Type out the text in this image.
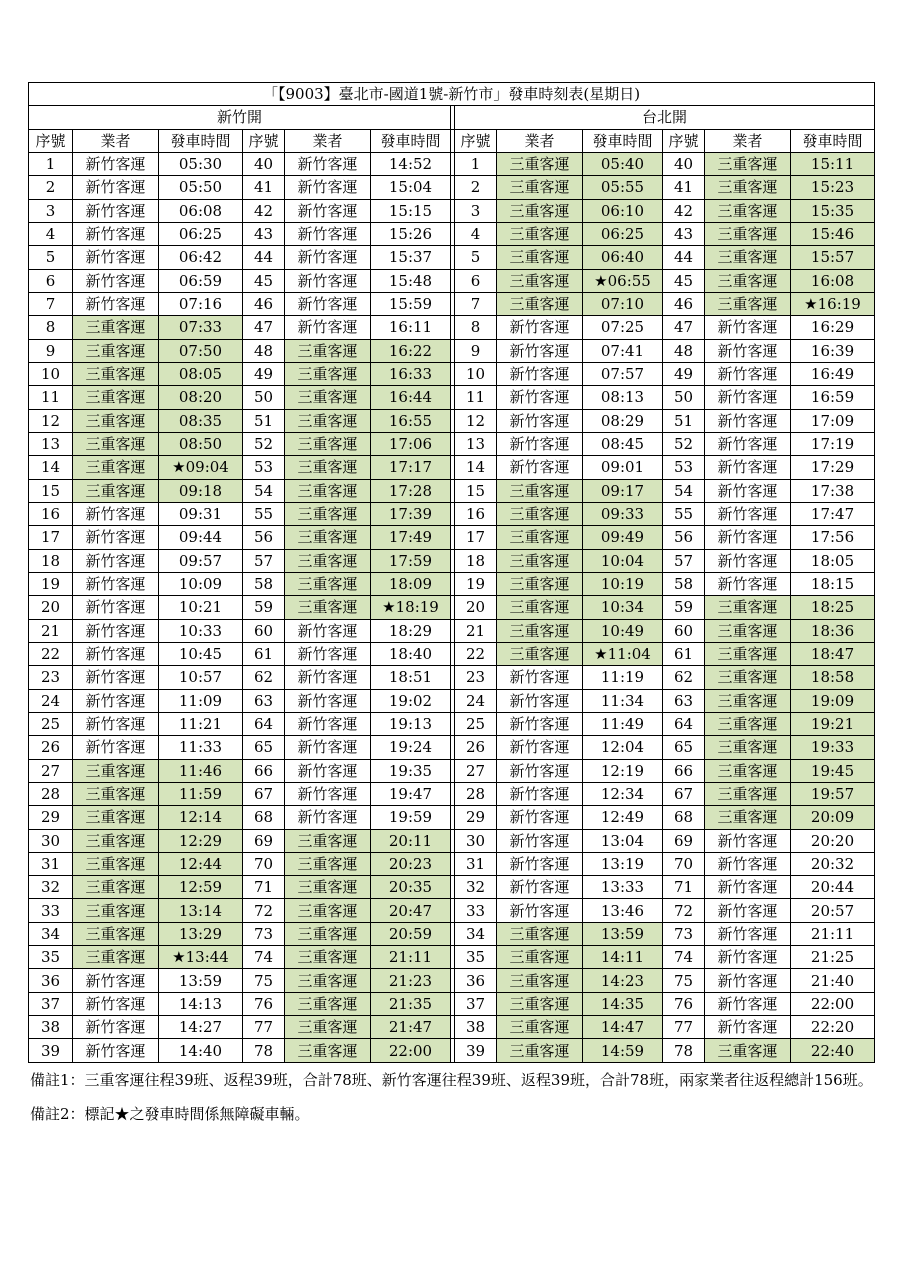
「【9003】臺北市-國道1號-新竹市」發車時刻表(星期日)												
新竹開							台北開					
序號	業者	發車時間	序號	業者	發車時間		序號	業者	發車時間	序號	業者	發車時間
1	新竹客運	05:30	40	新竹客運	14:52		1	三重客運	05:40	40	三重客運	15:11
2	新竹客運	05:50	41	新竹客運	15:04		2	三重客運	05:55	41	三重客運	15:23
3	新竹客運	06:08	42	新竹客運	15:15		3	三重客運	06:10	42	三重客運	15:35
4	新竹客運	06:25	43	新竹客運	15:26		4	三重客運	06:25	43	三重客運	15:46
5	新竹客運	06:42	44	新竹客運	15:37		5	三重客運	06:40	44	三重客運	15:57
6	新竹客運	06:59	45	新竹客運	15:48		6	三重客運	★06:55	45	三重客運	16:08
7	新竹客運	07:16	46	新竹客運	15:59		7	三重客運	07:10	46	三重客運	★16:19
8	三重客運	07:33	47	新竹客運	16:11		8	新竹客運	07:25	47	新竹客運	16:29
9	三重客運	07:50	48	三重客運	16:22		9	新竹客運	07:41	48	新竹客運	16:39
10	三重客運	08:05	49	三重客運	16:33		10	新竹客運	07:57	49	新竹客運	16:49
11	三重客運	08:20	50	三重客運	16:44		11	新竹客運	08:13	50	新竹客運	16:59
12	三重客運	08:35	51	三重客運	16:55		12	新竹客運	08:29	51	新竹客運	17:09
13	三重客運	08:50	52	三重客運	17:06		13	新竹客運	08:45	52	新竹客運	17:19
14	三重客運	★09:04	53	三重客運	17:17		14	新竹客運	09:01	53	新竹客運	17:29
15	三重客運	09:18	54	三重客運	17:28		15	三重客運	09:17	54	新竹客運	17:38
16	新竹客運	09:31	55	三重客運	17:39		16	三重客運	09:33	55	新竹客運	17:47
17	新竹客運	09:44	56	三重客運	17:49		17	三重客運	09:49	56	新竹客運	17:56
18	新竹客運	09:57	57	三重客運	17:59		18	三重客運	10:04	57	新竹客運	18:05
19	新竹客運	10:09	58	三重客運	18:09		19	三重客運	10:19	58	新竹客運	18:15
20	新竹客運	10:21	59	三重客運	★18:19		20	三重客運	10:34	59	三重客運	18:25
21	新竹客運	10:33	60	新竹客運	18:29		21	三重客運	10:49	60	三重客運	18:36
22	新竹客運	10:45	61	新竹客運	18:40		22	三重客運	★11:04	61	三重客運	18:47
23	新竹客運	10:57	62	新竹客運	18:51		23	新竹客運	11:19	62	三重客運	18:58
24	新竹客運	11:09	63	新竹客運	19:02		24	新竹客運	11:34	63	三重客運	19:09
25	新竹客運	11:21	64	新竹客運	19:13		25	新竹客運	11:49	64	三重客運	19:21
26	新竹客運	11:33	65	新竹客運	19:24		26	新竹客運	12:04	65	三重客運	19:33
27	三重客運	11:46	66	新竹客運	19:35		27	新竹客運	12:19	66	三重客運	19:45
28	三重客運	11:59	67	新竹客運	19:47		28	新竹客運	12:34	67	三重客運	19:57
29	三重客運	12:14	68	新竹客運	19:59		29	新竹客運	12:49	68	三重客運	20:09
30	三重客運	12:29	69	三重客運	20:11		30	新竹客運	13:04	69	新竹客運	20:20
31	三重客運	12:44	70	三重客運	20:23		31	新竹客運	13:19	70	新竹客運	20:32
32	三重客運	12:59	71	三重客運	20:35		32	新竹客運	13:33	71	新竹客運	20:44
33	三重客運	13:14	72	三重客運	20:47		33	新竹客運	13:46	72	新竹客運	20:57
34	三重客運	13:29	73	三重客運	20:59		34	三重客運	13:59	73	新竹客運	21:11
35	三重客運	★13:44	74	三重客運	21:11		35	三重客運	14:11	74	新竹客運	21:25
36	新竹客運	13:59	75	三重客運	21:23		36	三重客運	14:23	75	新竹客運	21:40
37	新竹客運	14:13	76	三重客運	21:35		37	三重客運	14:35	76	新竹客運	22:00
38	新竹客運	14:27	77	三重客運	21:47		38	三重客運	14:47	77	新竹客運	22:20
39	新竹客運	14:40	78	三重客運	22:00		39	三重客運	14:59	78	三重客運	22:40

備註1：三重客運往程39班、返程39班，合計78班、新竹客運往程39班、返程39班，合計78班，兩家業者往返程總計156班。

備註2：標記★之發車時間係無障礙車輛。
